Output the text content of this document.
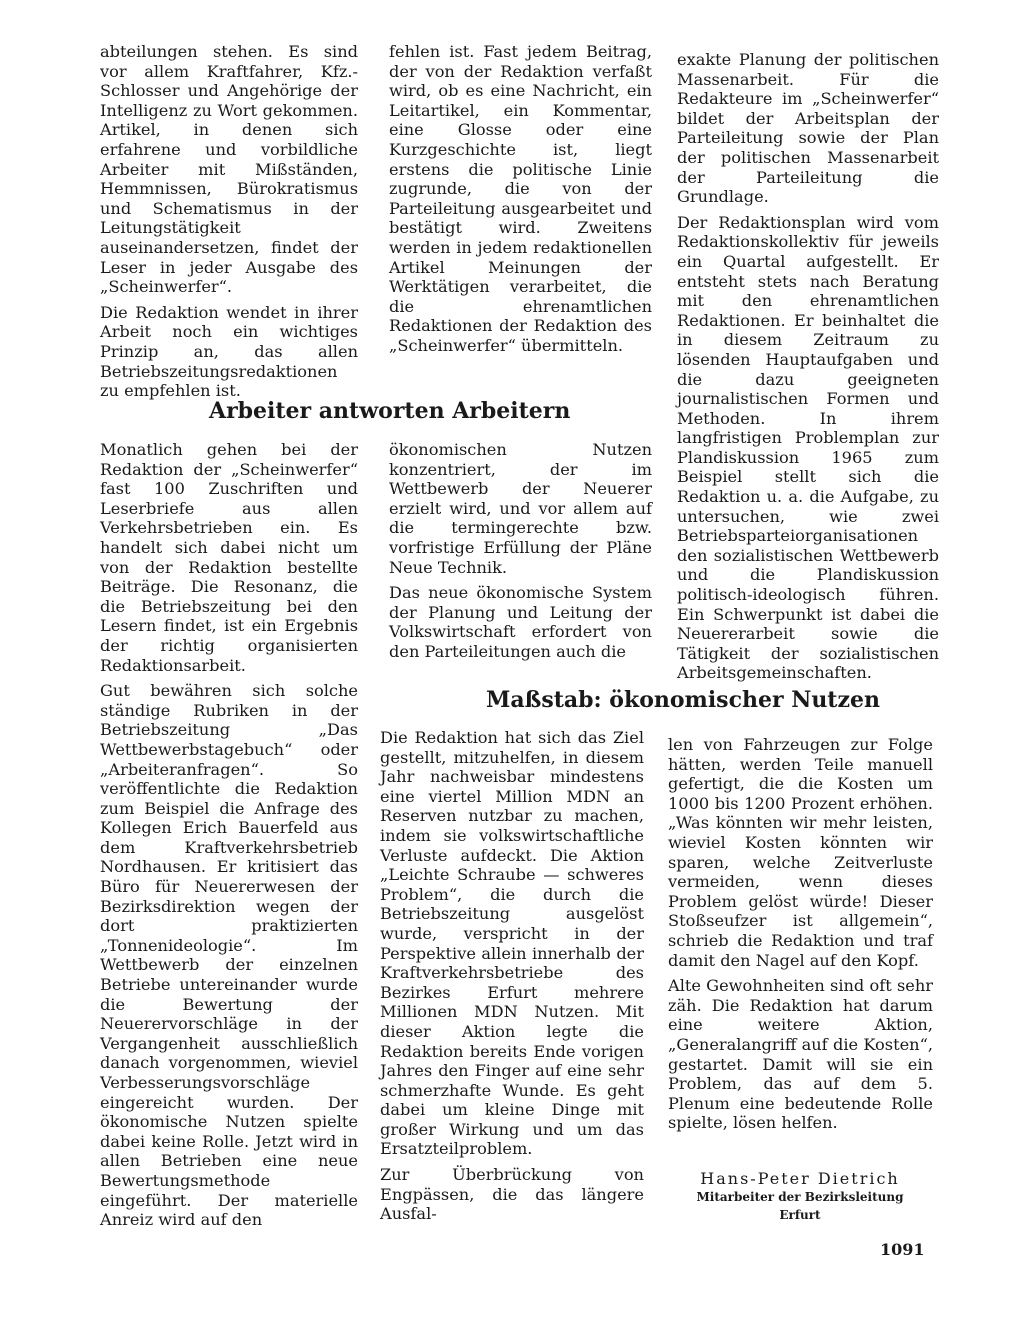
abteilungen stehen. Es sind vor allem Kraftfahrer, Kfz.-Schlosser und Angehörige der Intelligenz zu Wort gekommen. Artikel, in denen sich erfahrene und vorbildliche Arbeiter mit Mißständen, Hemmnissen, Bürokratismus und Schematismus in der Leitungstätigkeit auseinandersetzen, findet der Leser in jeder Ausgabe des „Scheinwerfer“.

Die Redaktion wendet in ihrer Arbeit noch ein wichtiges Prinzip an, das allen Betriebszeitungsredaktionen zu empfehlen ist.

fehlen ist. Fast jedem Beitrag, der von der Redaktion verfaßt wird, ob es eine Nachricht, ein Leitartikel, ein Kommentar, eine Glosse oder eine Kurzgeschichte ist, liegt erstens die politische Linie zugrunde, die von der Parteileitung ausgearbeitet und bestätigt wird. Zweitens werden in jedem redaktionellen Artikel Meinungen der Werktätigen verarbeitet, die die ehrenamtlichen Redaktionen der Redaktion des „Scheinwerfer“ übermitteln.

exakte Planung der politischen Massenarbeit. Für die Redakteure im „Scheinwerfer“ bildet der Arbeitsplan der Parteileitung sowie der Plan der politischen Massenarbeit der Parteileitung die Grundlage.

Der Redaktionsplan wird vom Redaktionskollektiv für jeweils ein Quartal aufgestellt. Er entsteht stets nach Beratung mit den ehrenamtlichen Redaktionen. Er beinhaltet die in diesem Zeitraum zu lösenden Hauptaufgaben und die dazu geeigneten journalistischen Formen und Methoden. In ihrem langfristigen Problemplan zur Plandiskussion 1965 zum Beispiel stellt sich die Redaktion u. a. die Aufgabe, zu untersuchen, wie zwei Betriebsparteiorganisationen den sozialistischen Wettbewerb und die Plandiskussion politisch-ideologisch führen. Ein Schwerpunkt ist dabei die Neuererarbeit sowie die Tätigkeit der sozialistischen Arbeitsgemeinschaften.

Arbeiter antworten Arbeitern

Monatlich gehen bei der Redaktion der „Scheinwerfer“ fast 100 Zuschriften und Leserbriefe aus allen Verkehrsbetrieben ein. Es handelt sich dabei nicht um von der Redaktion bestellte Beiträge. Die Resonanz, die die Betriebszeitung bei den Lesern findet, ist ein Ergebnis der richtig organisierten Redaktionsarbeit.

Gut bewähren sich solche ständige Rubriken in der Betriebszeitung „Das Wettbewerbstagebuch“ oder „Arbeiteranfragen“. So veröffentlichte die Redaktion zum Beispiel die Anfrage des Kollegen Erich Bauerfeld aus dem Kraftverkehrsbetrieb Nordhausen. Er kritisiert das Büro für Neuererwesen der Bezirksdirektion wegen der dort praktizierten „Tonnenideologie“. Im Wettbewerb der einzelnen Betriebe untereinander wurde die Bewertung der Neuerervorschläge in der Vergangenheit ausschließlich danach vorgenommen, wieviel Verbesserungsvorschläge eingereicht wurden. Der ökonomische Nutzen spielte dabei keine Rolle. Jetzt wird in allen Betrieben eine neue Bewertungsmethode eingeführt. Der materielle Anreiz wird auf den

ökonomischen Nutzen konzentriert, der im Wettbewerb der Neuerer erzielt wird, und vor allem auf die termingerechte bzw. vorfristige Erfüllung der Pläne Neue Technik.

Das neue ökonomische System der Planung und Leitung der Volkswirtschaft erfordert von den Parteileitungen auch die

Maßstab: ökonomischer Nutzen

Die Redaktion hat sich das Ziel gestellt, mitzuhelfen, in diesem Jahr nachweisbar mindestens eine viertel Million MDN an Reserven nutzbar zu machen, indem sie volkswirtschaftliche Verluste aufdeckt. Die Aktion „Leichte Schraube — schweres Problem“, die durch die Betriebszeitung ausgelöst wurde, verspricht in der Perspektive allein innerhalb der Kraftverkehrsbetriebe des Bezirkes Erfurt mehrere Millionen MDN Nutzen. Mit dieser Aktion legte die Redaktion bereits Ende vorigen Jahres den Finger auf eine sehr schmerzhafte Wunde. Es geht dabei um kleine Dinge mit großer Wirkung und um das Ersatzteilproblem.

Zur Überbrückung von Engpässen, die das längere Ausfal-

len von Fahrzeugen zur Folge hätten, werden Teile manuell gefertigt, die die Kosten um 1000 bis 1200 Prozent erhöhen. „Was könnten wir mehr leisten, wieviel Kosten könnten wir sparen, welche Zeitverluste vermeiden, wenn dieses Problem gelöst würde! Dieser Stoßseufzer ist allgemein“, schrieb die Redaktion und traf damit den Nagel auf den Kopf.

Alte Gewohnheiten sind oft sehr zäh. Die Redaktion hat darum eine weitere Aktion, „Generalangriff auf die Kosten“, gestartet. Damit will sie ein Problem, das auf dem 5. Plenum eine bedeutende Rolle spielte, lösen helfen.

Hans-Peter Dietrich
Mitarbeiter der Bezirksleitung
Erfurt
1091
